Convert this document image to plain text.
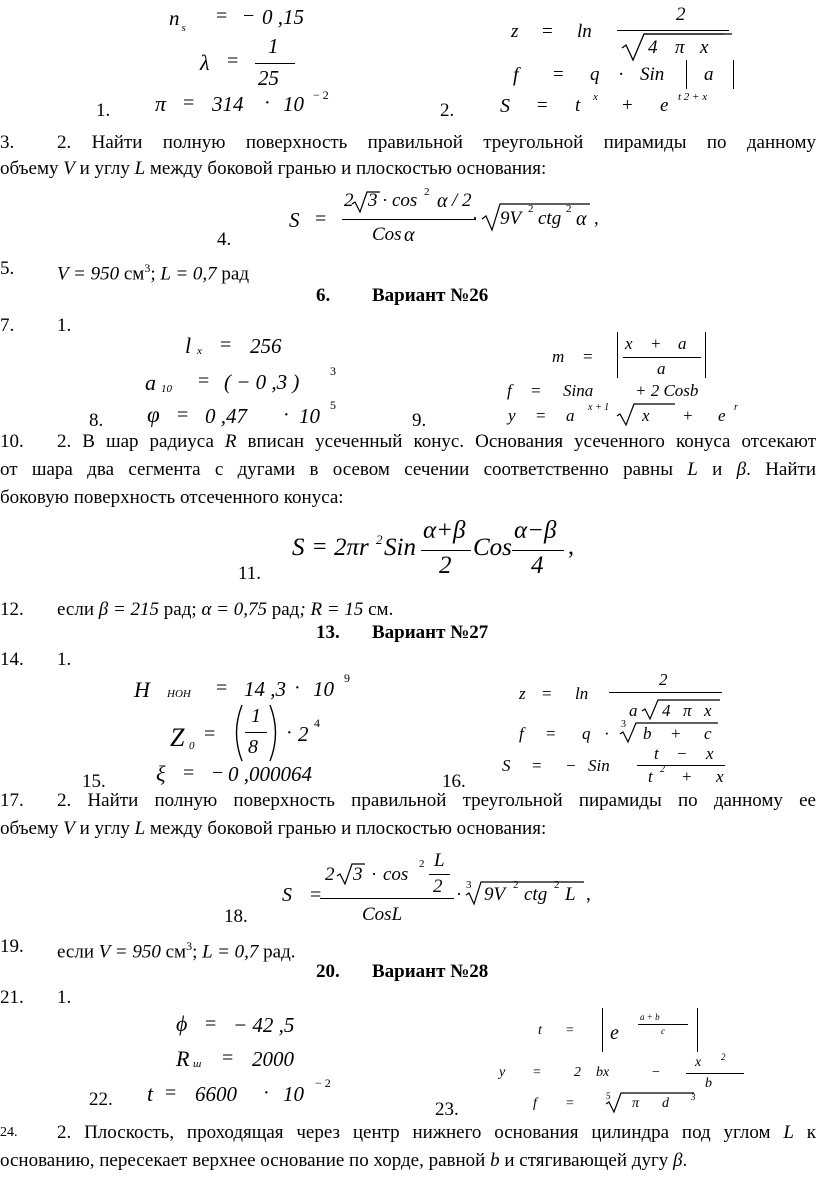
n $_s$
= − 0 ,15
λ =
1
25
1. π = 314 · 10 − 2
z = ln
2
4 π x
f = q · Sin a
2. S = t x + e t 2 + x
3. 2. Найти полную поверхность правильной треугольной пирамиды по данному
объему V и углу L между боковой гранью и плоскостью основания:
4.
S =
2 3 · cos 2 α / 2
Cos α
· 9V 2 ctg 2 α ,
5. V = 950 $см^3$; L = 0,7 рад
6. Вариант №26
7. 1.
l x = 256
a 10 = ( − 0 ,3 )	3
8. φ = 0 ,47 · 10 5
m =
x + a
a
f = Sina + 2 Cosb
9.	y = a x + 1 x + e r
10. 2. В шар радиуса R вписан усеченный конус. Основания усеченного конуса отсекают
от шара два сегмента с дугами в осевом сечении соответственно равны L и β. Найти
боковую поверхность отсеченного конуса:
11.
S = 2πr 2 Sin
α+β
2
Cos
α−β
4
,
12. если β = 215 рад; α = 0,75 рад; R = 15 см.
13. Вариант №27
14. 1.
H НОН = 14 ,3 · 10 9
Z 0
=
1
8
· 2 4
15. ξ = − 0 ,000064
z = ln
2
a 4 π x
f = q · 3 b + c
t − x
S = − Sin
16.	t 2 + x
17. 2. Найти полную поверхность правильной треугольной пирамиды по данному ее
объему V и углу L между боковой гранью и плоскостью основания:
18.
S =
2 3 · cos 2 L
2
CosL
· 3 9V 2 ctg 2 L ,
19. если V = 950 $см^3$; L = 0,7 рад.
20. Вариант №28
21. 1.
ϕ = − 42 ,5
R ш = 2000
22. t = 6600 · 10 − 2
t = e
a + b
c
y = 2 bx	−
x 2
b
23.	f =	5 π d 3
24. 2. Плоскость, проходящая через центр нижнего основания цилиндра под углом L к
основанию, пересекает верхнее основание по хорде, равной b и стягивающей дугу β.
